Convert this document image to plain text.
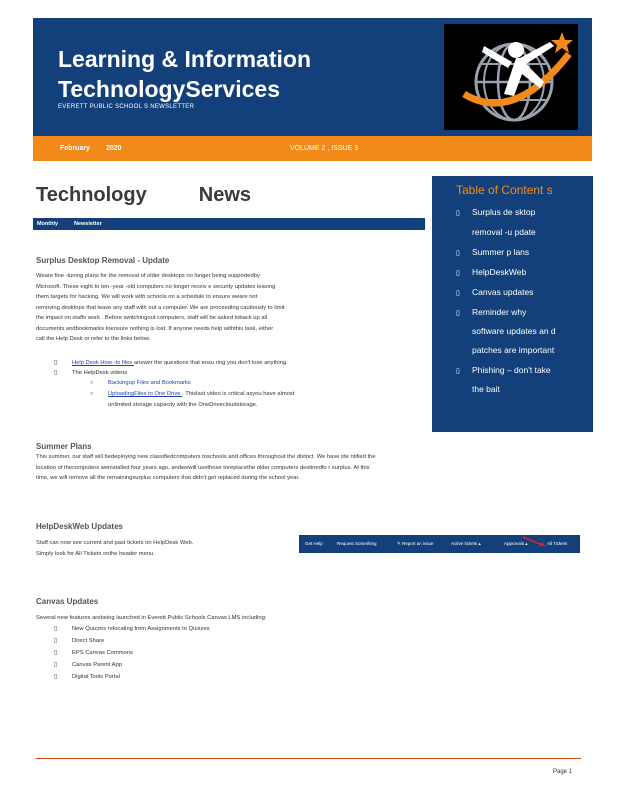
Learning & Information
TechnologyServices
EVERETT PUBLIC SCHOOL S NEWSLETTER
February 2020	VOLUME 2 , ISSUE 3
Technology	News
Monthly	Newsletter
Table of Content s
▯ Surplus de sktop
removal -u pdate
▯ Summer p lans
▯ HelpDeskWeb
▯ Canvas updates
▯ Reminder why
software updates an d
patches are important
▯ Phishing – don't take
the bait
Surplus Desktop Removal - Update
Weare fine -tuning plans for the removal of older desktops no longer being supportedby
Microsoft. These eight to ten -year -old computers no longer receiv e security updates leaving
them targets for hacking. We will work with schools on a schedule to ensure weare not
removing desktops that leave any staff with out a computer. We are proceeding cautiously to limit
the impact on staffs work . Before switchingout computers, staff will be asked toback up all
documents andbookmarks toensure nothing is lost. If anyone needs help withthis task, either
call the Help Desk or refer to the links below.
▯	Help Desk How -to files answer the questions that ensu ring you don't lose anything.
▯	The HelpDesk videos
○ Backingup Files and Bookmarks
○ UploadingFiles to One Drive . Thislast video is critical asyou have almost
unlimited storage capacity with the OneDrivecloudstorage.
Summer Plans
This summer, our staff will bedeploying new classifiedcomputers toschools and offices throughout the district. We have ide ntified the
location of thecomputers weinstalled four years ago, andwewill usethose toreplacethe older computers destinedfo r surplus. At this
time, we will remove all the remainingsurplus computers that didn't get replaced during the school year.
HelpDeskWeb Updates
Staff can now see current and past tickets on HelpDesk Web.
Simply look for All Tickets onthe header menu.
Get Help	Request Something	✎ Report an issue	Active tickets ▴	Approvals ▴	All Tickets
Canvas Updates
Several new features arebeing launched in Everett Public Schools Canvas LMS including:
▯	New Quizzes relocating from Assignments to Quizzes
▯	Direct Share
▯	EPS Canvas Commons
▯	Canvas Parent App
▯	Digital Tools Portal
Page 1
